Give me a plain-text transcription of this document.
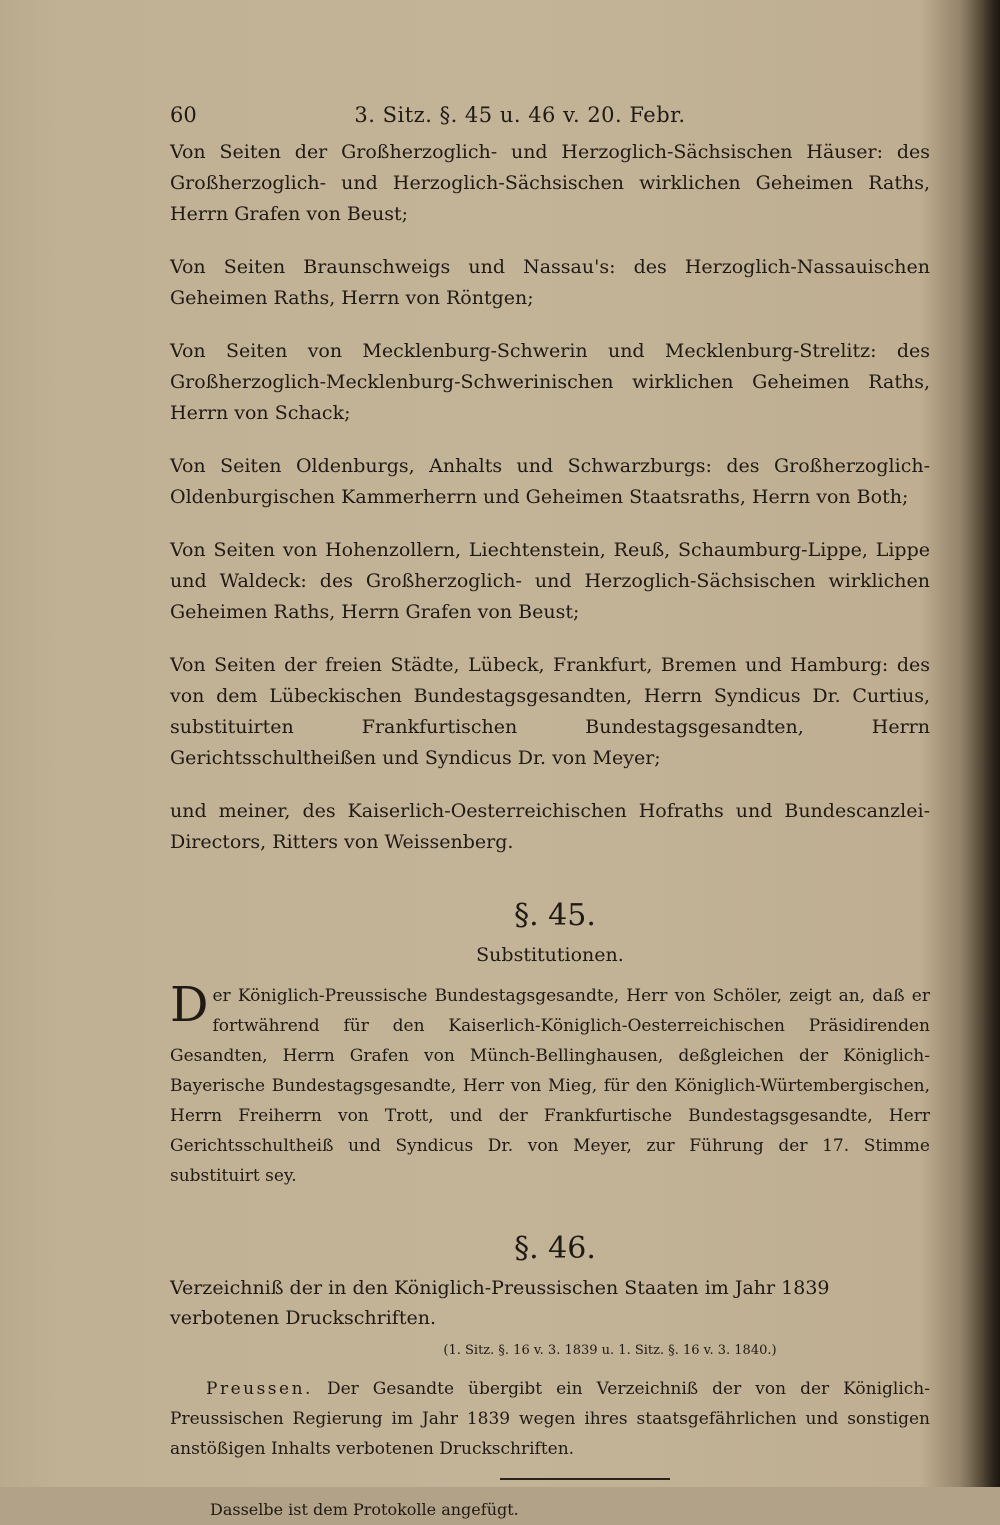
60	3. Sitz. §. 45 u. 46 v. 20. Febr.

Von Seiten der Großherzoglich- und Herzoglich-Sächsischen Häuser: des Großherzoglich- und Herzoglich-Sächsischen wirklichen Geheimen Raths, Herrn Grafen von Beust;

Von Seiten Braunschweigs und Nassau's: des Herzoglich-Nassauischen Geheimen Raths, Herrn von Röntgen;

Von Seiten von Mecklenburg-Schwerin und Mecklenburg-Strelitz: des Großherzoglich-Mecklenburg-Schwerinischen wirklichen Geheimen Raths, Herrn von Schack;

Von Seiten Oldenburgs, Anhalts und Schwarzburgs: des Großherzoglich-Oldenburgischen Kammerherrn und Geheimen Staatsraths, Herrn von Both;

Von Seiten von Hohenzollern, Liechtenstein, Reuß, Schaumburg-Lippe, Lippe und Waldeck: des Großherzoglich- und Herzoglich-Sächsischen wirklichen Geheimen Raths, Herrn Grafen von Beust;

Von Seiten der freien Städte, Lübeck, Frankfurt, Bremen und Hamburg: des von dem Lübeckischen Bundestagsgesandten, Herrn Syndicus Dr. Curtius, substituirten Frankfurtischen Bundestagsgesandten, Herrn Gerichtsschultheißen und Syndicus Dr. von Meyer;

und meiner, des Kaiserlich-Oesterreichischen Hofraths und Bundescanzlei-Directors, Ritters von Weissenberg.

§. 45.
Substitutionen.

Der Königlich-Preussische Bundestagsgesandte, Herr von Schöler, zeigt an, daß er fortwährend für den Kaiserlich-Königlich-Oesterreichischen Präsidirenden Gesandten, Herrn Grafen von Münch-Bellinghausen, deßgleichen der Königlich-Bayerische Bundestagsgesandte, Herr von Mieg, für den Königlich-Würtembergischen, Herrn Freiherrn von Trott, und der Frankfurtische Bundestagsgesandte, Herr Gerichtsschultheiß und Syndicus Dr. von Meyer, zur Führung der 17. Stimme substituirt sey.

§. 46.

Verzeichniß der in den Königlich-Preussischen Staaten im Jahr 1839 verbotenen Druckschriften.

(1. Sitz. §. 16 v. 3. 1839 u. 1. Sitz. §. 16 v. 3. 1840.)

Preussen. Der Gesandte übergibt ein Verzeichniß der von der Königlich-Preussischen Regierung im Jahr 1839 wegen ihres staatsgefährlichen und sonstigen anstößigen Inhalts verbotenen Druckschriften.

Dasselbe ist dem Protokolle angefügt.
